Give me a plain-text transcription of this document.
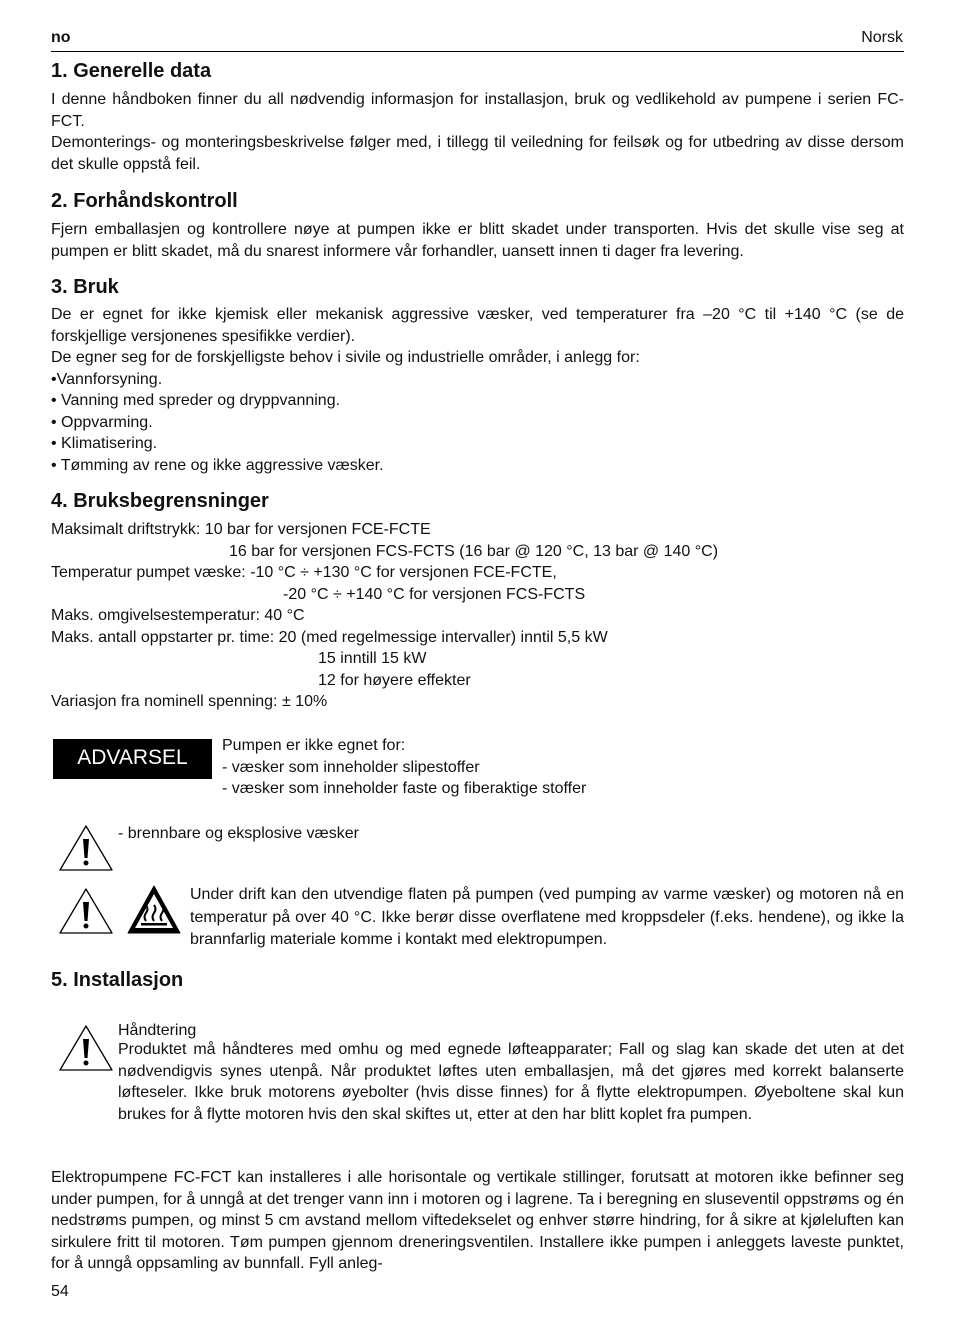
no	Norsk
1. Generelle data

I denne håndboken finner du all nødvendig informasjon for installasjon, bruk og vedlikehold av pumpene i serien FC-FCT.

Demonterings- og monteringsbeskrivelse følger med, i tillegg til veiledning for feilsøk og for utbedring av disse dersom det skulle oppstå feil.

2. Forhåndskontroll

Fjern emballasjen og kontrollere nøye at pumpen ikke er blitt skadet under transporten. Hvis det skulle vise seg at pumpen er blitt skadet, må du snarest informere vår forhandler, uansett innen ti dager fra levering.

3. Bruk

De er egnet for ikke kjemisk eller mekanisk aggressive væsker, ved temperaturer fra –20 °C til +140 °C (se de forskjellige versjonenes spesifikke verdier).

De egner seg for de forskjelligste behov i sivile og industrielle områder, i anlegg for:

•Vannforsyning.
• Vanning med spreder og dryppvanning.
• Oppvarming.
• Klimatisering.
• Tømming av rene og ikke aggressive væsker.
4. Bruksbegrensninger
Maksimalt driftstrykk: 10 bar for versjonen FCE-FCTE
16 bar for versjonen FCS-FCTS (16 bar @ 120 °C, 13 bar @ 140 °C)
Temperatur pumpet væske: -10 °C ÷ +130 °C for versjonen FCE-FCTE,
-20 °C ÷ +140 °C for versjonen FCS-FCTS
Maks. omgivelsestemperatur: 40 °C
Maks. antall oppstarter pr. time: 20 (med regelmessige intervaller) inntil 5,5 kW
15 inntill 15 kW
12 for høyere effekter
Variasjon fra nominell spenning: ± 10%
ADVARSEL
Pumpen er ikke egnet for:
- væsker som inneholder slipestoffer
- væsker som inneholder faste og fiberaktige stoffer
- brennbare og eksplosive væsker

Under drift kan den utvendige flaten på pumpen (ved pumping av varme væsker) og motoren nå en temperatur på over 40 °C. Ikke berør disse overflatene med kroppsdeler (f.eks. hendene), og ikke la brannfarlig materiale komme i kontakt med elektropumpen.

5. Installasjon
Håndtering

Produktet må håndteres med omhu og med egnede løfteapparater; Fall og slag kan skade det uten at det nødvendigvis synes utenpå. Når produktet løftes uten emballasjen, må det gjøres med korrekt balanserte løfteseler. Ikke bruk motorens øyebolter (hvis disse finnes) for å flytte elektropumpen. Øyeboltene skal kun brukes for å flytte motoren hvis den skal skiftes ut, etter at den har blitt koplet fra pumpen.

Elektropumpene FC-FCT kan installeres i alle horisontale og vertikale stillinger, forutsatt at motoren ikke befinner seg under pumpen, for å unngå at det trenger vann inn i motoren og i lagrene. Ta i beregning en sluseventil oppstrøms og én nedstrøms pumpen, og minst 5 cm avstand mellom viftedekselet og enhver større hindring, for å sikre at kjøleluften kan sirkulere fritt til motoren. Tøm pumpen gjennom dreneringsventilen. Installere ikke pumpen i anleggets laveste punktet, for å unngå oppsamling av bunnfall. Fyll anleg-

54
